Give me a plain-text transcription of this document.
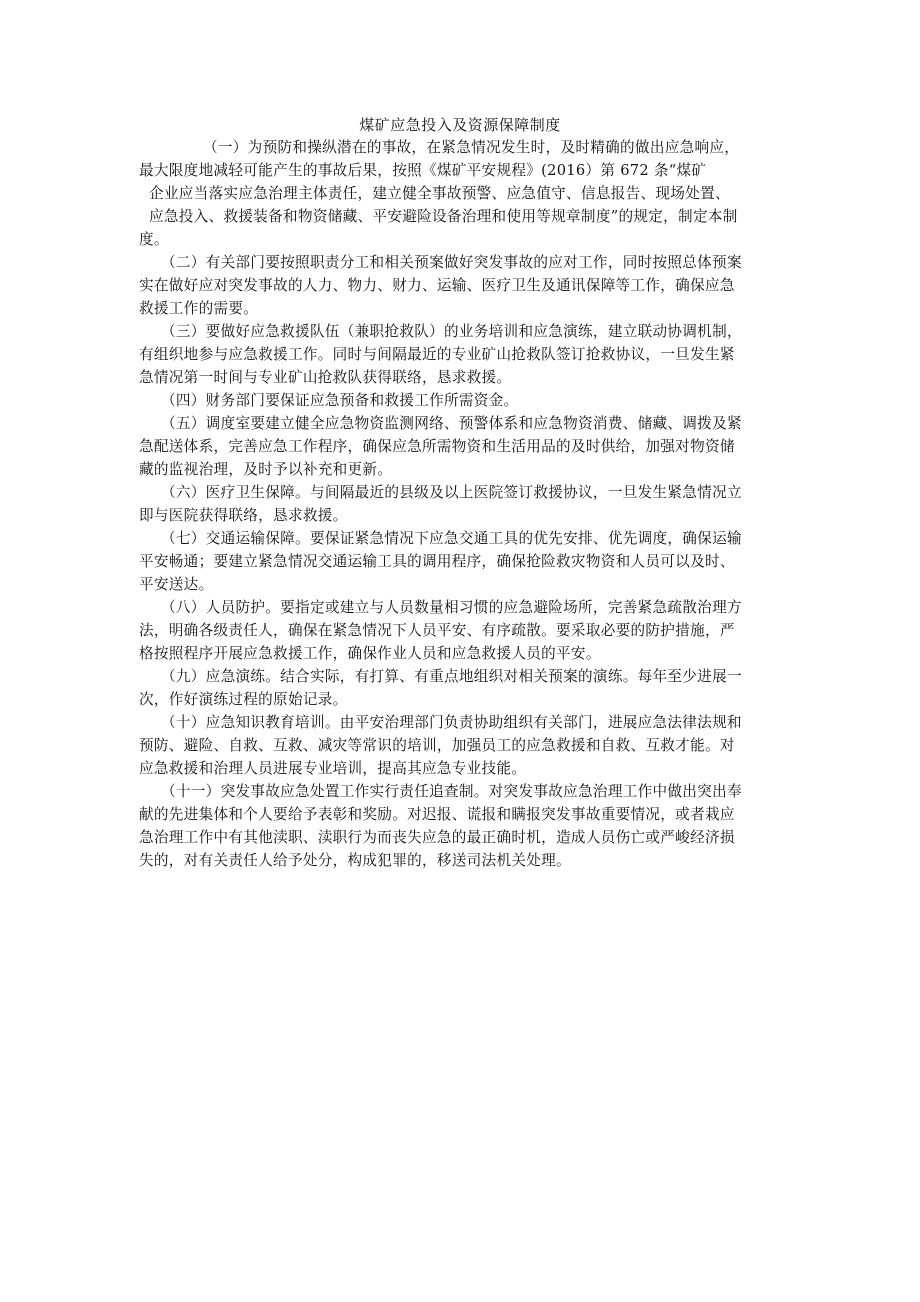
煤矿应急投入及资源保障制度
（一）为预防和操纵潜在的事故，在紧急情况发生时，及时精确的做出应急响应，
最大限度地减轻可能产生的事故后果，按照《煤矿平安规程》(2016）第 672 条“煤矿
企业应当落实应急治理主体责任，建立健全事故预警、应急值守、信息报告、现场处置、
应急投入、救援装备和物资储藏、平安避险设备治理和使用等规章制度”的规定，制定本制
度。
（二）有关部门要按照职责分工和相关预案做好突发事故的应对工作，同时按照总体预案
实在做好应对突发事故的人力、物力、财力、运输、医疗卫生及通讯保障等工作，确保应急
救援工作的需要。
（三）要做好应急救援队伍（兼职抢救队）的业务培训和应急演练，建立联动协调机制，
有组织地参与应急救援工作。同时与间隔最近的专业矿山抢救队签订抢救协议，一旦发生紧
急情况第一时间与专业矿山抢救队获得联络，恳求救援。
（四）财务部门要保证应急预备和救援工作所需资金。
（五）调度室要建立健全应急物资监测网络、预警体系和应急物资消费、储藏、调拨及紧
急配送体系，完善应急工作程序，确保应急所需物资和生活用品的及时供给，加强对物资储
藏的监视治理，及时予以补充和更新。
（六）医疗卫生保障。与间隔最近的县级及以上医院签订救援协议，一旦发生紧急情况立
即与医院获得联络，恳求救援。
（七）交通运输保障。要保证紧急情况下应急交通工具的优先安排、优先调度，确保运输
平安畅通；要建立紧急情况交通运输工具的调用程序，确保抢险救灾物资和人员可以及时、
平安送达。
（八）人员防护。要指定或建立与人员数量相习惯的应急避险场所，完善紧急疏散治理方
法，明确各级责任人，确保在紧急情况下人员平安、有序疏散。要采取必要的防护措施，严
格按照程序开展应急救援工作，确保作业人员和应急救援人员的平安。
（九）应急演练。结合实际，有打算、有重点地组织对相关预案的演练。每年至少进展一
次，作好演练过程的原始记录。
（十）应急知识教育培训。由平安治理部门负责协助组织有关部门，进展应急法律法规和
预防、避险、自救、互救、减灾等常识的培训，加强员工的应急救援和自救、互救才能。对
应急救援和治理人员进展专业培训，提高其应急专业技能。
（十一）突发事故应急处置工作实行责任追查制。对突发事故应急治理工作中做出突出奉
献的先进集体和个人要给予表彰和奖励。对迟报、谎报和瞒报突发事故重要情况，或者栽应
急治理工作中有其他渎职、渎职行为而丧失应急的最正确时机，造成人员伤亡或严峻经济损
失的，对有关责任人给予处分，构成犯罪的，移送司法机关处理。
